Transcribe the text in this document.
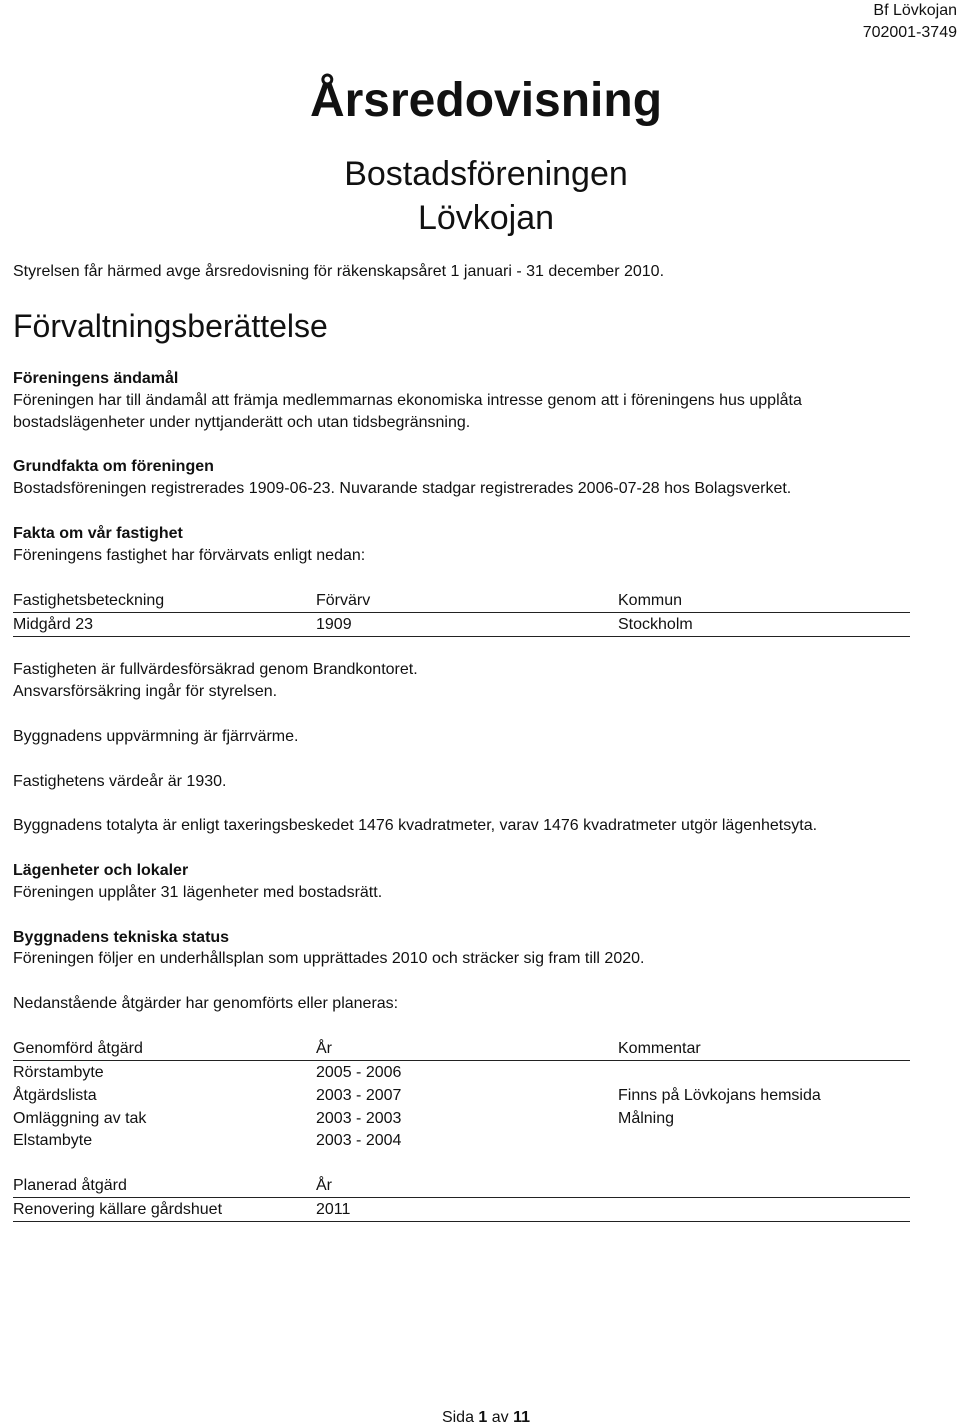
Bf Lövkojan
702001-3749
Årsredovisning
Bostadsföreningen
Lövkojan

Styrelsen får härmed avge årsredovisning för räkenskapsåret 1 januari - 31 december 2010.

Förvaltningsberättelse

Föreningens ändamål

Föreningen har till ändamål att främja medlemmarnas ekonomiska intresse genom att i föreningens hus upplåta

bostadslägenheter under nyttjanderätt och utan tidsbegränsning.

Grundfakta om föreningen

Bostadsföreningen registrerades 1909-06-23. Nuvarande stadgar registrerades 2006-07-28 hos Bolagsverket.

Fakta om vår fastighet

Föreningens fastighet har förvärvats enligt nedan:

Fastighetsbeteckning	Förvärv	Kommun
Midgård 23	1909	Stockholm

Fastigheten är fullvärdesförsäkrad genom Brandkontoret.

Ansvarsförsäkring ingår för styrelsen.

Byggnadens uppvärmning är fjärrvärme.

Fastighetens värdeår är 1930.

Byggnadens totalyta är enligt taxeringsbeskedet 1476 kvadratmeter, varav 1476 kvadratmeter utgör lägenhetsyta.

Lägenheter och lokaler

Föreningen upplåter 31 lägenheter med bostadsrätt.

Byggnadens tekniska status

Föreningen följer en underhållsplan som upprättades 2010 och sträcker sig fram till 2020.

Nedanstående åtgärder har genomförts eller planeras:

Genomförd åtgärd	År	Kommentar
Rörstambyte	2005 - 2006
Åtgärdslista	2003 - 2007	Finns på Lövkojans hemsida
Omläggning av tak	2003 - 2003	Målning
Elstambyte	2003 - 2004
Planerad åtgärd	År
Renovering källare gårdshuet	2011
Sida 1 av 11
